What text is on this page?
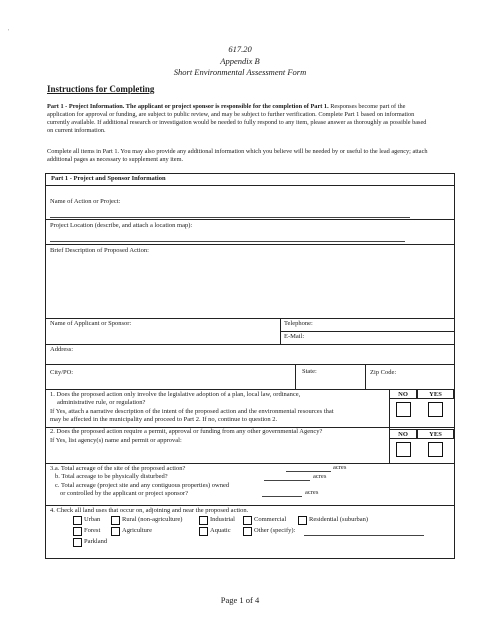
'
617.20
Appendix B
Short Environmental Assessment Form
Instructions for Completing
Part 1 - Project Information. The applicant or project sponsor is responsible for the completion of Part 1. Responses become part of the application for approval or funding, are subject to public review, and may be subject to further verification. Complete Part 1 based on information currently available. If additional research or investigation would be needed to fully respond to any item, please answer as thoroughly as possible based on current information.
Complete all items in Part 1. You may also provide any additional information which you believe will be needed by or useful to the lead agency; attach additional pages as necessary to supplement any item.
Part 1 - Project and Sponsor Information
Name of Action or Project:
Project Location (describe, and attach a location map):
Brief Description of Proposed Action:
Name of Applicant or Sponsor:	Telephone:
E-Mail:
Address:
City/PO:	State:	Zip Code:
1. Does the proposed action only involve the legislative adoption of a plan, local law, ordinance,
administrative rule, or regulation?
If Yes, attach a narrative description of the intent of the proposed action and the environmental resources that
may be affected in the municipality and proceed to Part 2. If no, continue to question 2.
NO	YES
2. Does the proposed action require a permit, approval or funding from any other governmental Agency?
If Yes, list agency(s) name and permit or approval:
NO	YES
3.a. Total acreage of the site of the proposed action?	acres
b. Total acreage to be physically disturbed?	acres
c. Total acreage (project site and any contiguous properties) owned
or controlled by the applicant or project sponsor?	acres
4. Check all land uses that occur on, adjoining and near the proposed action.
Urban	Rural (non-agriculture)	Industrial	Commercial	Residential (suburban)
Forest	Agriculture	Aquatic	Other (specify):
Parkland
Page 1 of 4
